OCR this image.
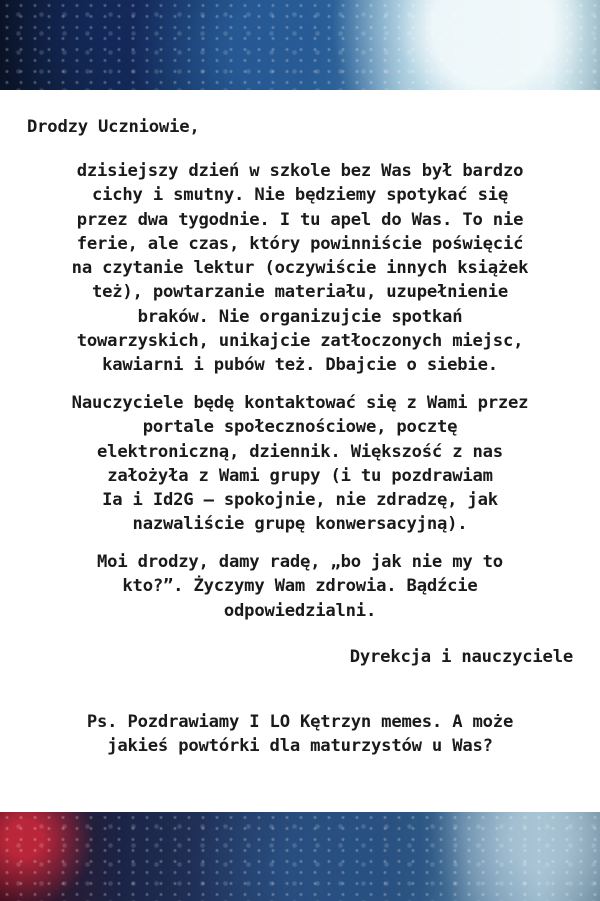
Drodzy Uczniowie,

dzisiejszy dzień w szkole bez Was był bardzo
cichy i smutny. Nie będziemy spotykać się
przez dwa tygodnie. I tu apel do Was. To nie
ferie, ale czas, który powinniście poświęcić
na czytanie lektur (oczywiście innych książek
też), powtarzanie materiału, uzupełnienie
braków. Nie organizujcie spotkań
towarzyskich, unikajcie zatłoczonych miejsc,
kawiarni i pubów też. Dbajcie o siebie.

Nauczyciele będę kontaktować się z Wami przez
portale społecznościowe, pocztę
elektroniczną, dziennik. Większość z nas
założyła z Wami grupy (i tu pozdrawiam
Ia i Id2G – spokojnie, nie zdradzę, jak
nazwaliście grupę konwersacyjną).

Moi drodzy, damy radę, „bo jak nie my to
kto?”. Życzymy Wam zdrowia. Bądźcie
odpowiedzialni.

Dyrekcja i nauczyciele

Ps. Pozdrawiamy I LO Kętrzyn memes. A może
jakieś powtórki dla maturzystów u Was?
